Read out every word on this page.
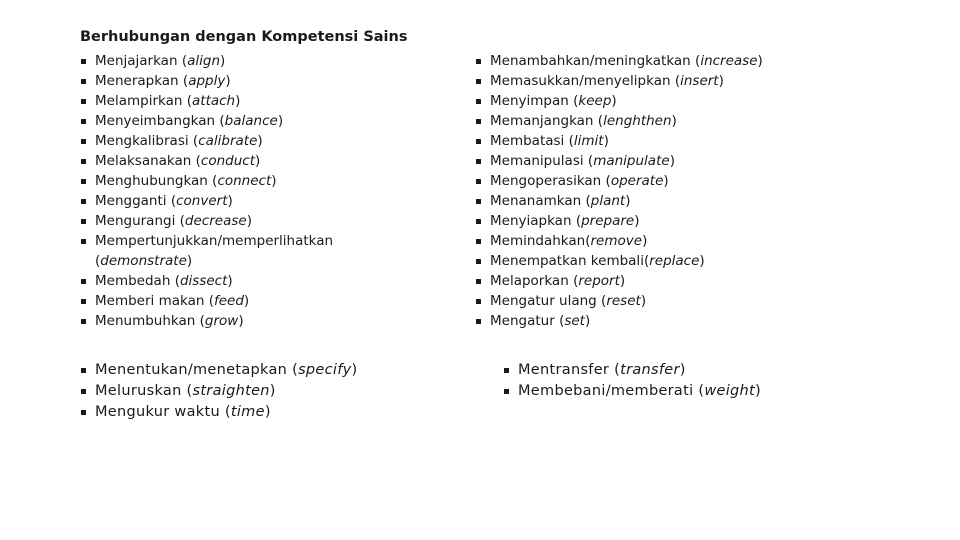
Berhubungan dengan Kompetensi Sains
Menjajarkan (align)
Menerapkan (apply)
Melampirkan (attach)
Menyeimbangkan (balance)
Mengkalibrasi (calibrate)
Melaksanakan (conduct)
Menghubungkan (connect)
Mengganti (convert)
Mengurangi (decrease)
Mempertunjukkan/memperlihatkan
(demonstrate)
Membedah (dissect)
Memberi makan (feed)
Menumbuhkan (grow)
Menambahkan/meningkatkan (increase)
Memasukkan/menyelipkan (insert)
Menyimpan (keep)
Memanjangkan (lenghthen)
Membatasi (limit)
Memanipulasi (manipulate)
Mengoperasikan (operate)
Menanamkan (plant)
Menyiapkan (prepare)
Memindahkan(remove)
Menempatkan kembali(replace)
Melaporkan (report)
Mengatur ulang (reset)
Mengatur (set)
Menentukan/menetapkan (specify)
Meluruskan (straighten)
Mengukur waktu (time)
Mentransfer (transfer)
Membebani/memberati (weight)
